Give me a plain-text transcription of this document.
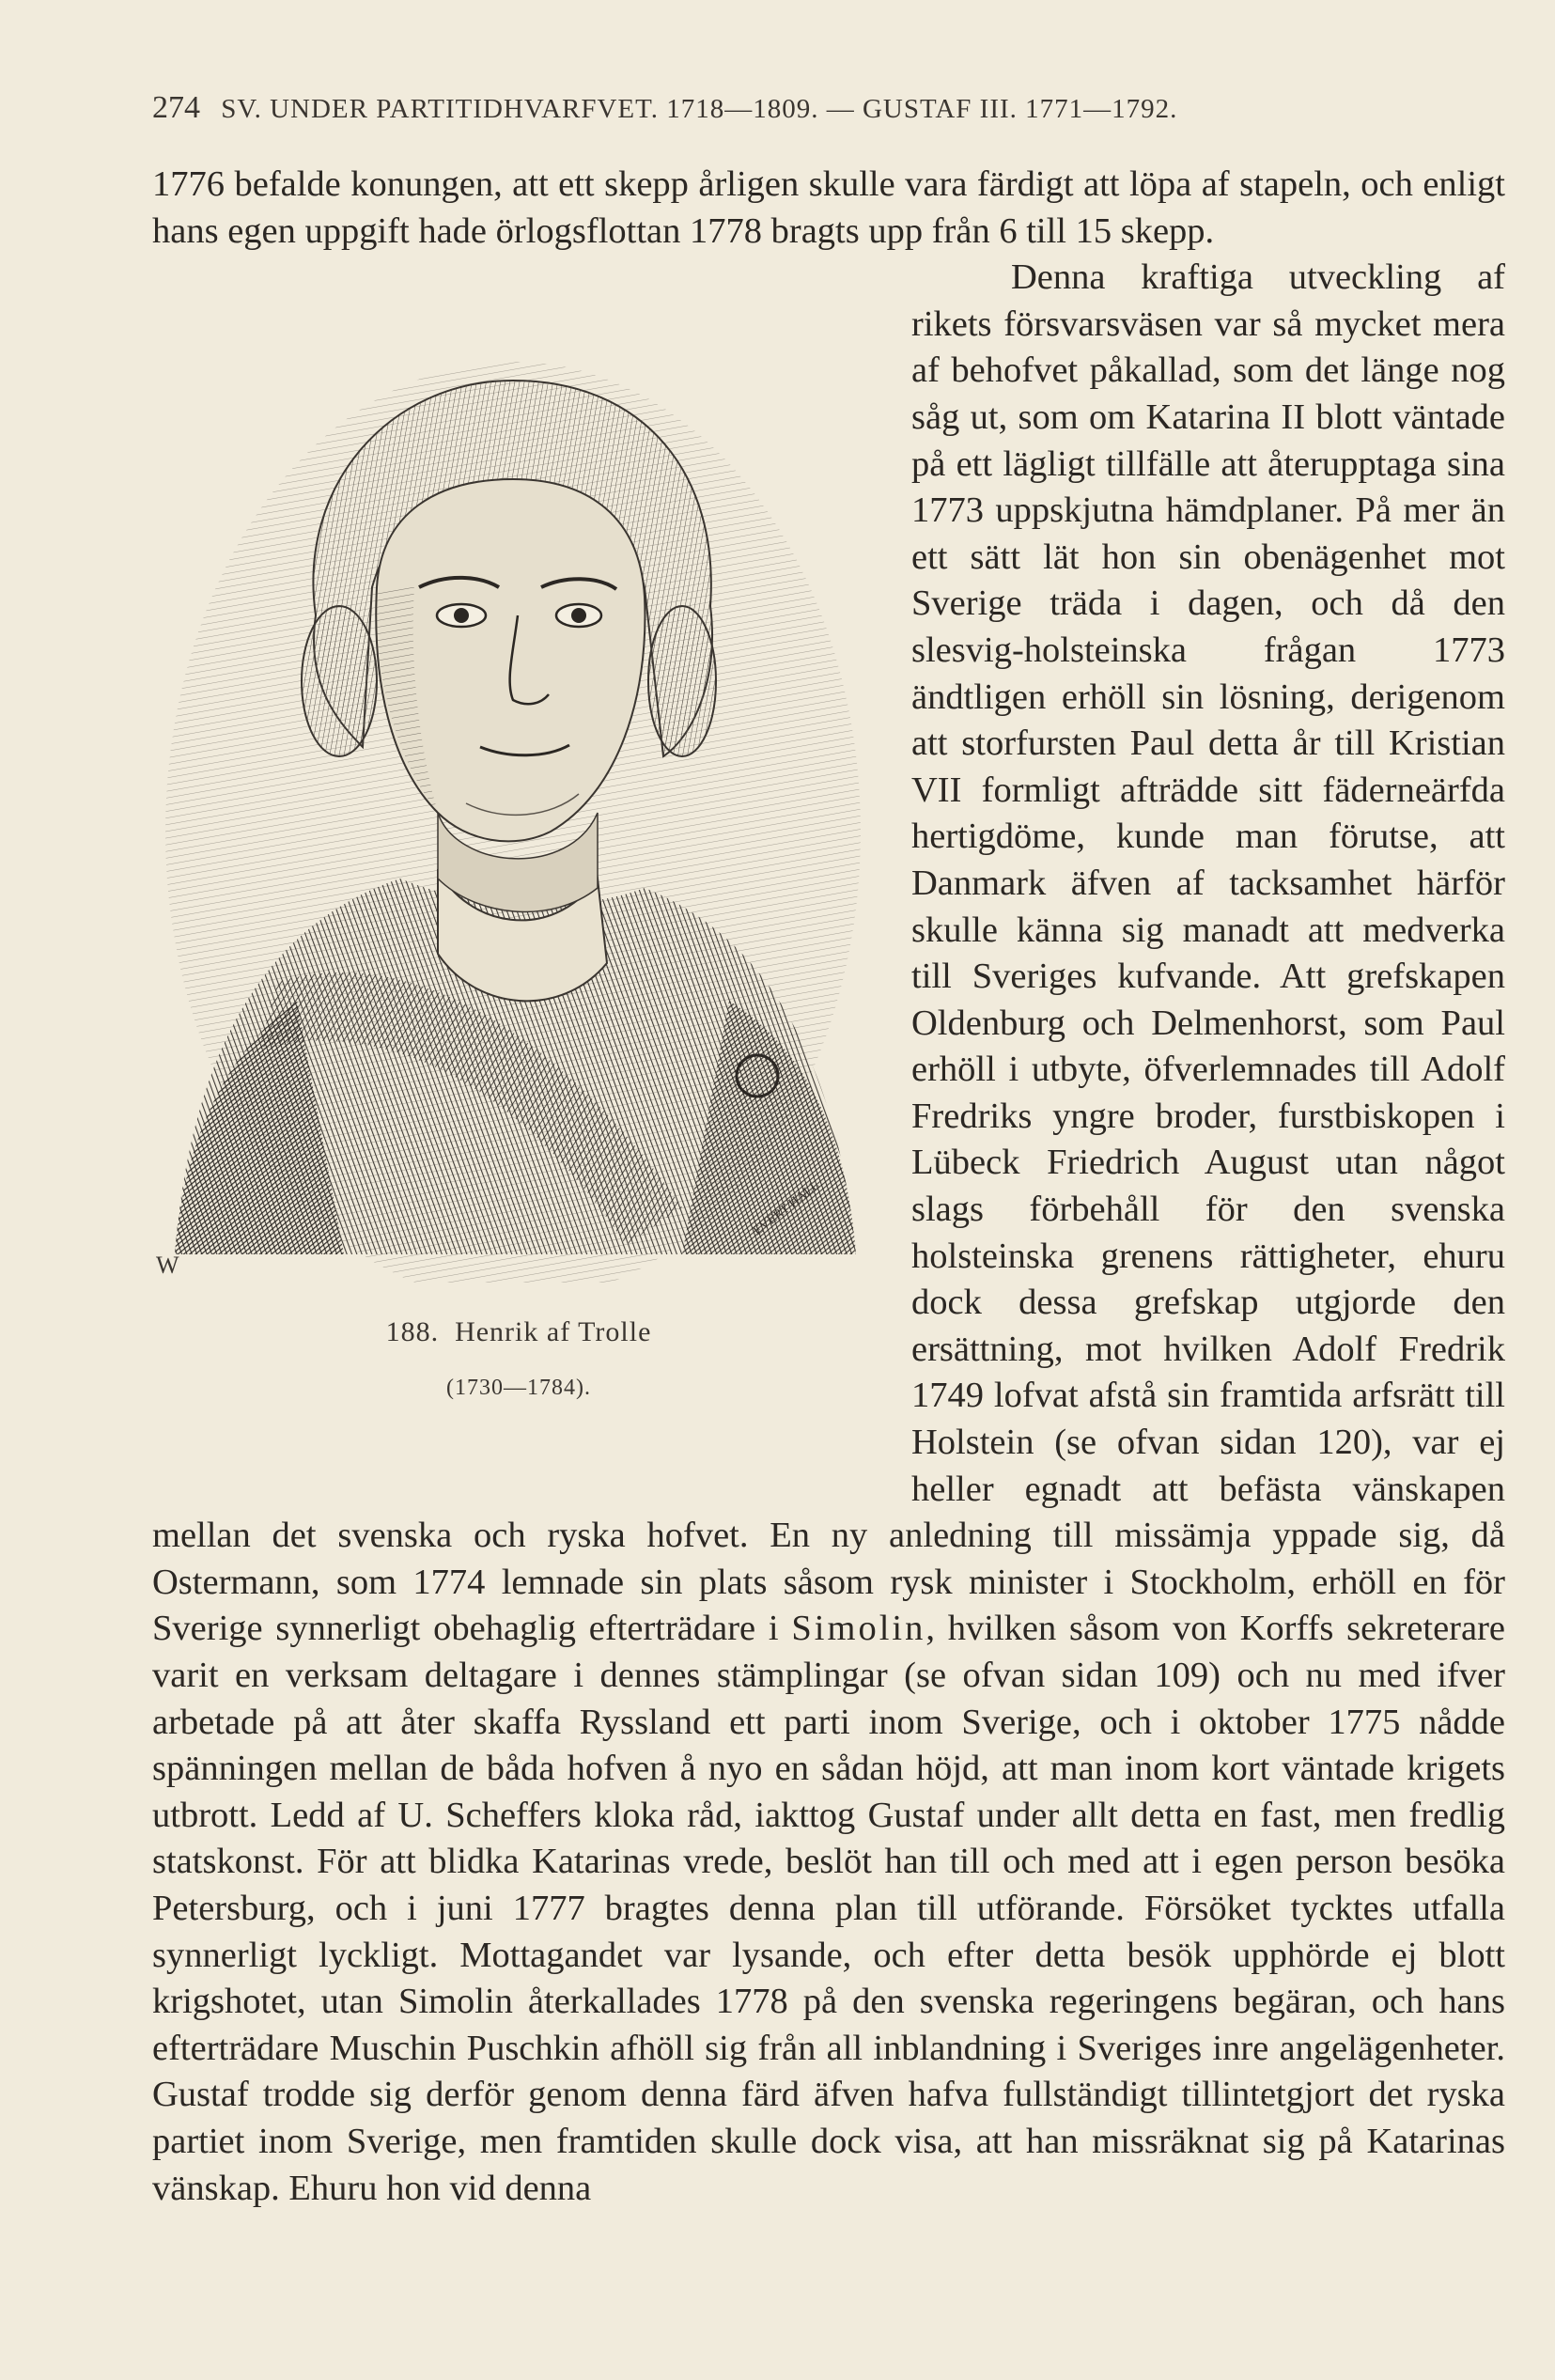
274 SV. UNDER PARTITIDHVARFVET. 1718—1809. — GUSTAF III. 1771—1792.

1776 befalde konungen, att ett skepp årligen skulle vara färdigt att löpa af stapeln, och enligt hans egen uppgift hade örlogsflottan 1778 bragts upp från 6 till 15 skepp.

W
EVERT HALL
188. Henrik af Trolle
(1730—1784).

Denna kraftiga utveckling af rikets försvarsväsen var så mycket mera af behofvet påkallad, som det länge nog såg ut, som om Katarina II blott väntade på ett lägligt tillfälle att återupptaga sina 1773 uppskjutna hämdplaner. På mer än ett sätt lät hon sin obenägenhet mot Sverige träda i dagen, och då den slesvig-holsteinska frågan 1773 ändtligen erhöll sin lösning, derigenom att storfursten Paul detta år till Kristian VII formligt afträdde sitt fäderneärfda hertigdöme, kunde man förutse, att Danmark äfven af tacksamhet härför skulle känna sig manadt att medverka till Sveriges kufvande. Att grefskapen Oldenburg och Delmenhorst, som Paul erhöll i utbyte, öfverlemnades till Adolf Fredriks yngre broder, furstbiskopen i Lübeck Friedrich August utan något slags förbehåll för den svenska holsteinska grenens rättigheter, ehuru dock dessa grefskap utgjorde den ersättning, mot hvilken Adolf Fredrik 1749 lofvat afstå sin framtida arfsrätt till Holstein (se ofvan sidan 120), var ej heller egnadt att befästa vänskapen mellan det svenska och ryska hofvet. En ny anledning till missämja yppade sig, då Ostermann, som 1774 lemnade sin plats såsom rysk minister i Stockholm, erhöll en för Sverige synnerligt obehaglig efterträdare i Simolin, hvilken såsom von Korffs sekreterare varit en verksam deltagare i dennes stämplingar (se ofvan sidan 109) och nu med ifver arbetade på att åter skaffa Ryssland ett parti inom Sverige, och i oktober 1775 nådde spänningen mellan de båda hofven å nyo en sådan höjd, att man inom kort väntade krigets utbrott. Ledd af U. Scheffers kloka råd, iakttog Gustaf under allt detta en fast, men fredlig statskonst. För att blidka Katarinas vrede, beslöt han till och med att i egen person besöka Petersburg, och i juni 1777 bragtes denna plan till utförande. Försöket tycktes utfalla synnerligt lyckligt. Mottagandet var lysande, och efter detta besök upphörde ej blott krigshotet, utan Simolin återkallades 1778 på den svenska regeringens begäran, och hans efterträdare Muschin Puschkin afhöll sig från all inblandning i Sveriges inre angelägenheter. Gustaf trodde sig derför genom denna färd äfven hafva fullständigt tillintetgjort det ryska partiet inom Sverige, men framtiden skulle dock visa, att han missräknat sig på Katarinas vänskap. Ehuru hon vid denna
